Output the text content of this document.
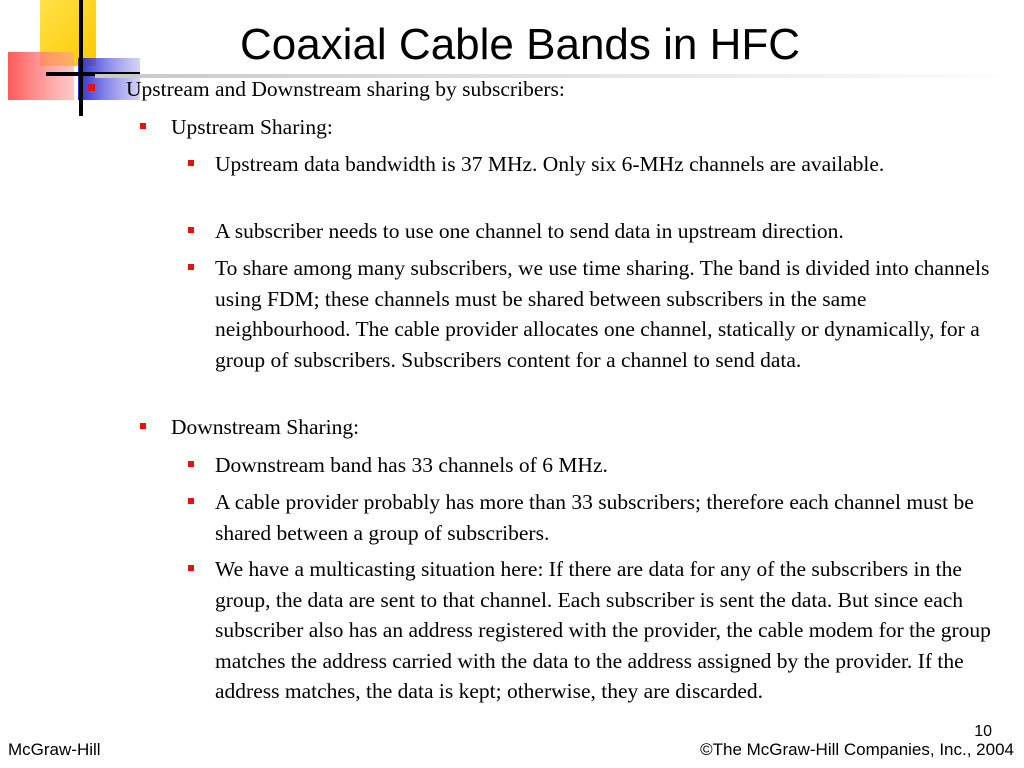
Coaxial Cable Bands in HFC
Upstream and Downstream sharing by subscribers:
Upstream Sharing:
Upstream data bandwidth is 37 MHz. Only six 6-MHz channels are available.
A subscriber needs to use one channel to send data in upstream direction.
To share among many subscribers, we use time sharing. The band is divided into channels using FDM; these channels must be shared between subscribers in the same neighbourhood. The cable provider allocates one channel, statically or dynamically, for a group of subscribers. Subscribers content for a channel to send data.
Downstream Sharing:
Downstream band has 33 channels of 6 MHz.
A cable provider probably has more than 33 subscribers; therefore each channel must be shared between a group of subscribers.
We have a multicasting situation here: If there are data for any of the subscribers in the group, the data are sent to that channel. Each subscriber is sent the data. But since each subscriber also has an address registered with the provider, the cable modem for the group matches the address carried with the data to the address assigned by the provider. If the address matches, the data is kept; otherwise, they are discarded.
10
McGraw-Hill	©The McGraw-Hill Companies, Inc., 2004
